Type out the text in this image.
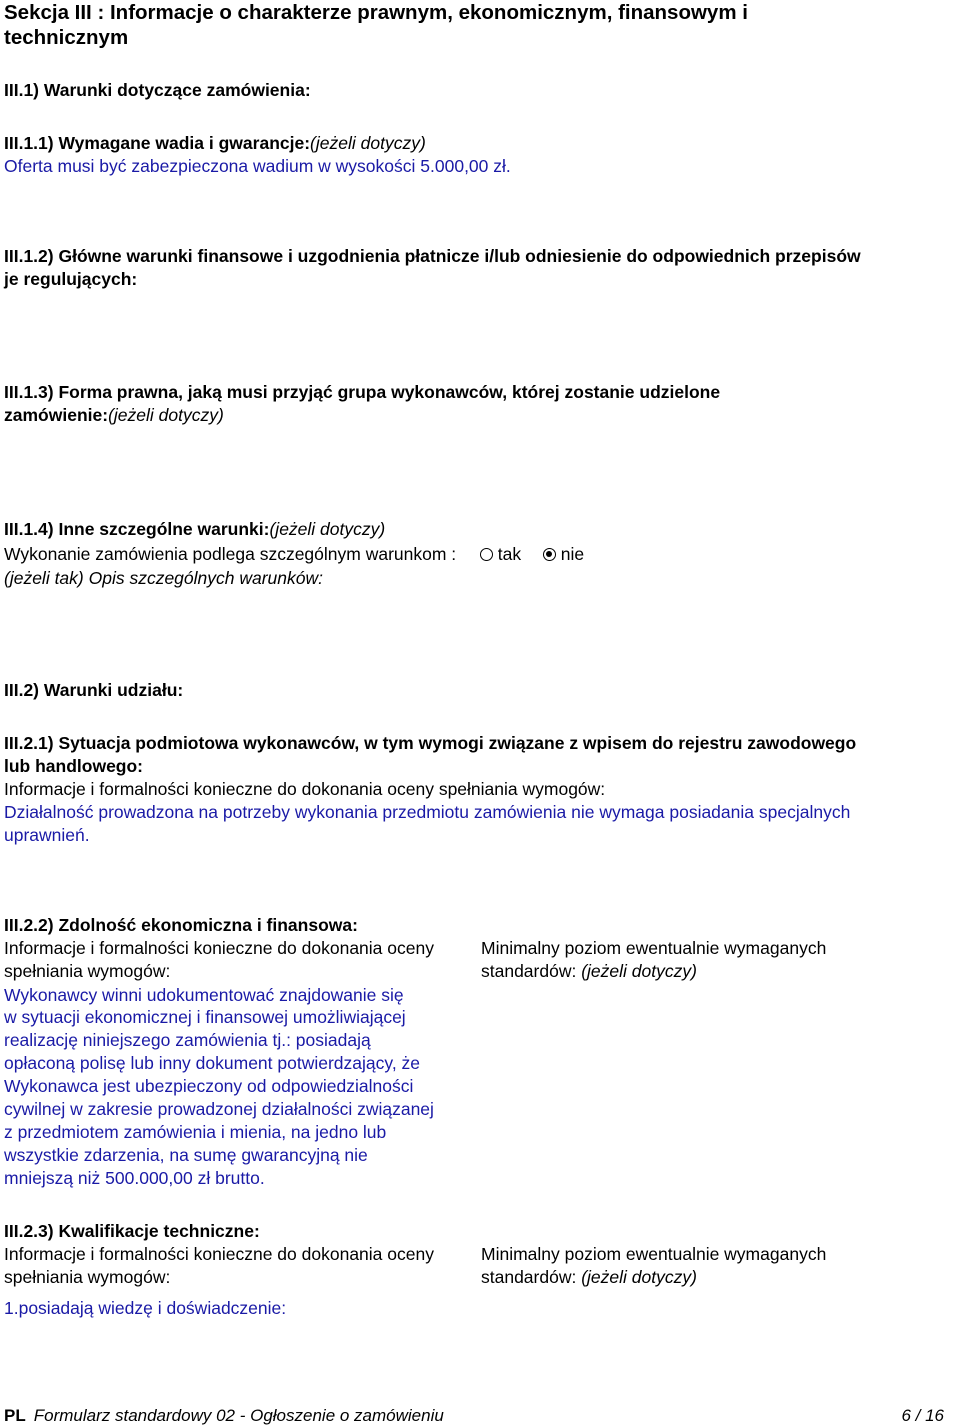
Sekcja III : Informacje o charakterze prawnym, ekonomicznym, finansowym i
technicznym
III.1) Warunki dotyczące zamówienia:
III.1.1) Wymagane wadia i gwarancje:(jeżeli dotyczy)
Oferta musi być zabezpieczona wadium w wysokości 5.000,00 zł.
III.1.2) Główne warunki finansowe i uzgodnienia płatnicze i/lub odniesienie do odpowiednich przepisów
je regulujących:
III.1.3) Forma prawna, jaką musi przyjąć grupa wykonawców, której zostanie udzielone
zamówienie:(jeżeli dotyczy)
III.1.4) Inne szczególne warunki:(jeżeli dotyczy)
Wykonanie zamówienia podlega szczególnym warunkom : tak nie
(jeżeli tak) Opis szczególnych warunków:
III.2) Warunki udziału:
III.2.1) Sytuacja podmiotowa wykonawców, w tym wymogi związane z wpisem do rejestru zawodowego
lub handlowego:
Informacje i formalności konieczne do dokonania oceny spełniania wymogów:
Działalność prowadzona na potrzeby wykonania przedmiotu zamówienia nie wymaga posiadania specjalnych
uprawnień.
III.2.2) Zdolność ekonomiczna i finansowa:
Informacje i formalności konieczne do dokonania oceny
spełniania wymogów:
Minimalny poziom ewentualnie wymaganych
standardów: (jeżeli dotyczy)
Wykonawcy winni udokumentować znajdowanie się
w sytuacji ekonomicznej i finansowej umożliwiającej
realizację niniejszego zamówienia tj.: posiadają
opłaconą polisę lub inny dokument potwierdzający, że
Wykonawca jest ubezpieczony od odpowiedzialności
cywilnej w zakresie prowadzonej działalności związanej
z przedmiotem zamówienia i mienia, na jedno lub
wszystkie zdarzenia, na sumę gwarancyjną nie
mniejszą niż 500.000,00 zł brutto.
III.2.3) Kwalifikacje techniczne:
Informacje i formalności konieczne do dokonania oceny
spełniania wymogów:
Minimalny poziom ewentualnie wymaganych
standardów: (jeżeli dotyczy)
1.posiadają wiedzę i doświadczenie:
PL Formularz standardowy 02 - Ogłoszenie o zamówieniu	6 / 16
